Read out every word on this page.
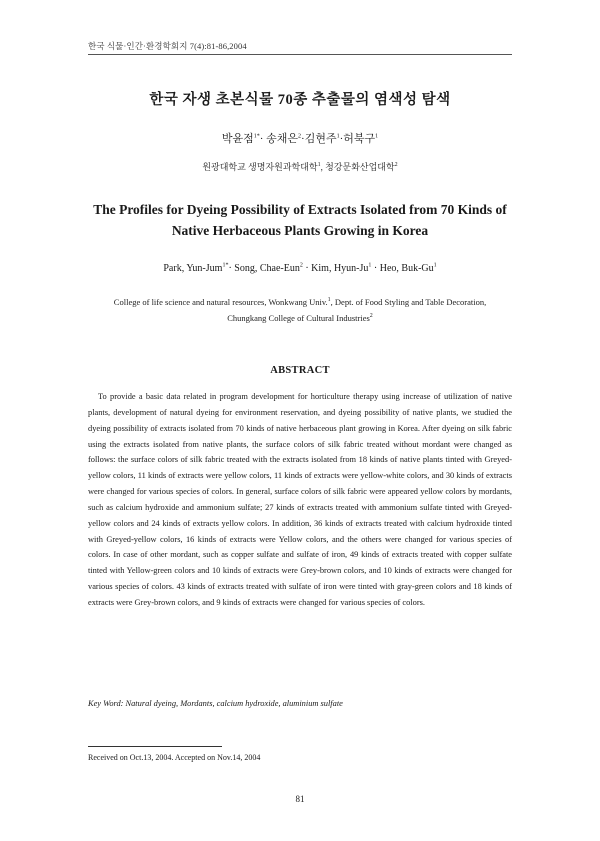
한국 식물·인간·환경학회지 7(4):81-86,2004
한국 자생 초본식물 70종 추출물의 염색성 탐색
박윤점$^{1*}$· 송채은$^2$·김현주$^1$·허북구$^1$
원광대학교 생명자원과학대학$^1$, 청강문화산업대학$^2$
The Profiles for Dyeing Possibility of Extracts Isolated from 70 Kinds of
Native Herbaceous Plants Growing in Korea
Park, Yun-Jum$^{1*}$· Song, Chae-Eun$^2$ · Kim, Hyun-$Ju^1$ · Heo, Buk-Gu$^1$
College of life science and natural resources, Wonkwang Univ.$^1$, Dept. of Food Styling and Table Decoration,
Chungkang College of Cultural Industries$^2$
ABSTRACT

To provide a basic data related in program development for horticulture therapy using increase of utilization of native plants, development of natural dyeing for environment reservation, and dyeing possibility of native plants, we studied the dyeing possibility of extracts isolated from 70 kinds of native herbaceous plant growing in Korea. After dyeing on silk fabric using the extracts isolated from native plants, the surface colors of silk fabric treated without mordant were changed as follows: the surface colors of silk fabric treated with the extracts isolated from 18 kinds of native plants tinted with Greyed-yellow colors, 11 kinds of extracts were yellow colors, 11 kinds of extracts were yellow-white colors, and 30 kinds of extracts were changed for various species of colors. In general, surface colors of silk fabric were appeared yellow colors by mordants, such as calcium hydroxide and ammonium sulfate; 27 kinds of extracts treated with ammonium sulfate tinted with Greyed-yellow colors and 24 kinds of extracts yellow colors. In addition, 36 kinds of extracts treated with calcium hydroxide tinted with Greyed-yellow colors, 16 kinds of extracts were Yellow colors, and the others were changed for various species of colors. In case of other mordant, such as copper sulfate and sulfate of iron, 49 kinds of extracts treated with copper sulfate tinted with Yellow-green colors and 10 kinds of extracts were Grey-brown colors, and 10 kinds of extracts were changed for various species of colors. 43 kinds of extracts treated with sulfate of iron were tinted with gray-green colors and 18 kinds of extracts were Grey-brown colors, and 9 kinds of extracts were changed for various species of colors.

Key Word: Natural dyeing, Mordants, calcium hydroxide, aluminium sulfate

Received on Oct.13, 2004. Accepted on Nov.14, 2004

81
